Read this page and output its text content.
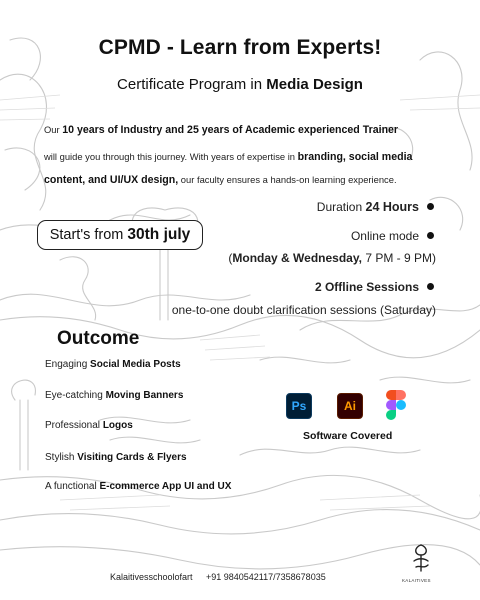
CPMD - Learn from Experts!
Certificate Program in Media Design
Our 10 years of Industry and 25 years of Academic experienced Trainer
will guide you through this journey. With years of expertise in branding, social media
content, and UI/UX design, our faculty ensures a hands-on learning experience.
Duration 24 Hours
Online mode
(Monday & Wednesday, 7 PM - 9 PM)
2 Offline Sessions
one-to-one doubt clarification sessions (Saturday)
Start's from 30th july
Outcome
Engaging Social Media Posts
Eye-catching Moving Banners
Professional Logos
Stylish Visiting Cards & Flyers
A functional E-commerce App UI and UX
Ps	Ai
Software Covered
Kalaitivesschoolofart +91 9840542117/7358678035	KALAITIVES
